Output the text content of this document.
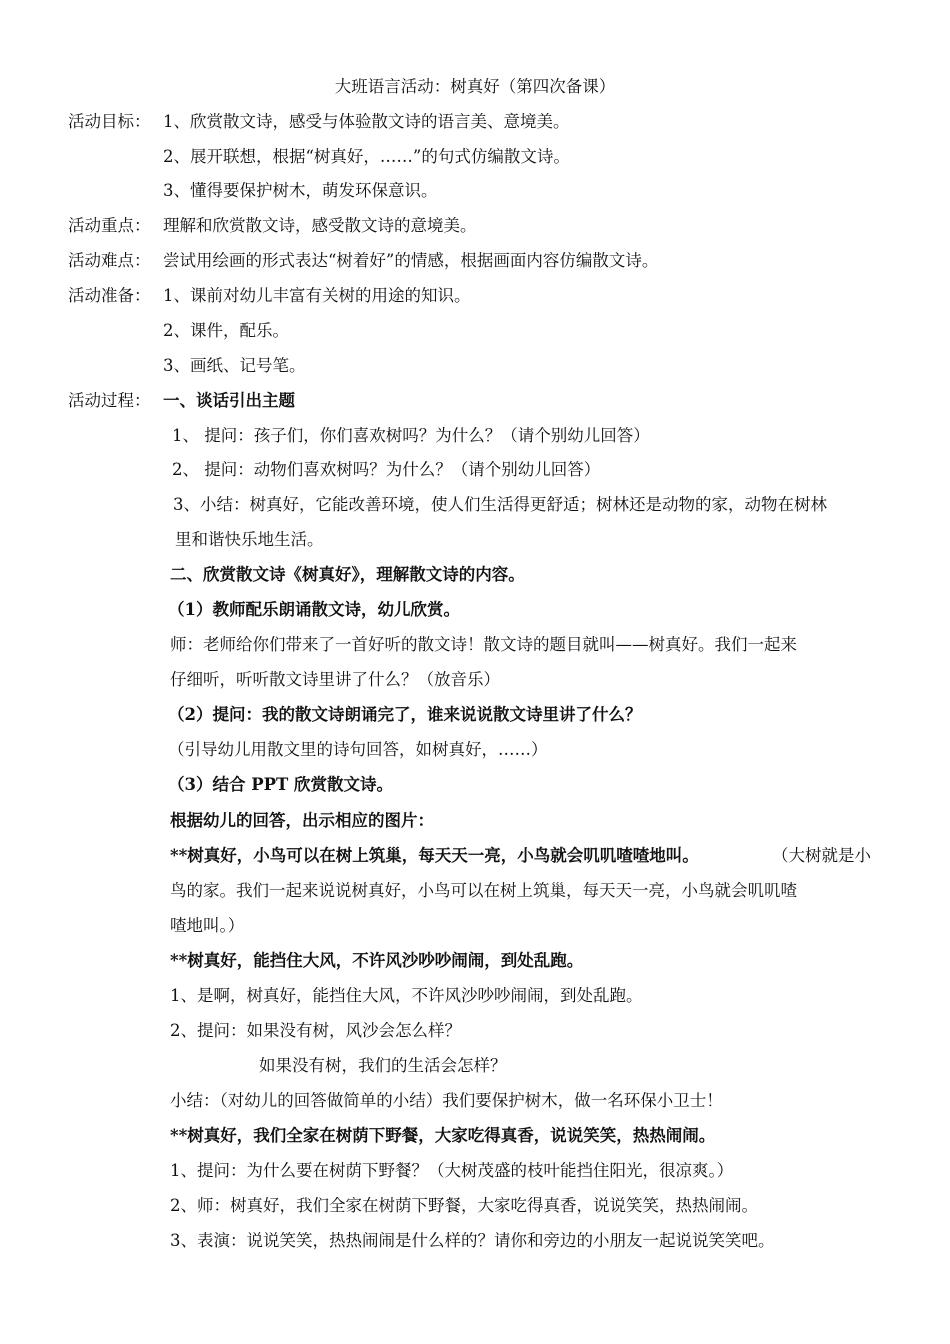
大班语言活动：树真好（第四次备课）
活动目标： 1、欣赏散文诗，感受与体验散文诗的语言美、意境美。
2、展开联想，根据“树真好，……”的句式仿编散文诗。
3、懂得要保护树木，萌发环保意识。
活动重点： 理解和欣赏散文诗，感受散文诗的意境美。
活动难点： 尝试用绘画的形式表达“树着好”的情感，根据画面内容仿编散文诗。
活动准备： 1、课前对幼儿丰富有关树的用途的知识。
2、课件，配乐。
3、画纸、记号笔。
活动过程： 一、谈话引出主题
1、 提问：孩子们，你们喜欢树吗？为什么？（请个别幼儿回答）
2、 提问：动物们喜欢树吗？为什么？（请个别幼儿回答）
3、小结：树真好，它能改善环境，使人们生活得更舒适；树林还是动物的家，动物在树林
里和谐快乐地生活。
二、欣赏散文诗《树真好》，理解散文诗的内容。
（1）教师配乐朗诵散文诗，幼儿欣赏。
师：老师给你们带来了一首好听的散文诗！散文诗的题目就叫——树真好。我们一起来
仔细听，听听散文诗里讲了什么？（放音乐）
（2）提问：我的散文诗朗诵完了，谁来说说散文诗里讲了什么？
（引导幼儿用散文里的诗句回答，如树真好，……）
（3）结合 PPT 欣赏散文诗。
根据幼儿的回答，出示相应的图片：
**树真好，小鸟可以在树上筑巢，每天天一亮，小鸟就会叽叽喳喳地叫。	（大树就是小
鸟的家。我们一起来说说树真好，小鸟可以在树上筑巢，每天天一亮，小鸟就会叽叽喳
喳地叫。）
**树真好，能挡住大风，不许风沙吵吵闹闹，到处乱跑。
1、是啊，树真好，能挡住大风，不许风沙吵吵闹闹，到处乱跑。
2、提问：如果没有树，风沙会怎么样？
如果没有树，我们的生活会怎样？
小结：（对幼儿的回答做简单的小结）我们要保护树木，做一名环保小卫士！
**树真好，我们全家在树荫下野餐，大家吃得真香，说说笑笑，热热闹闹。
1、提问：为什么要在树荫下野餐？（大树茂盛的枝叶能挡住阳光，很凉爽。）
2、师：树真好，我们全家在树荫下野餐，大家吃得真香，说说笑笑，热热闹闹。
3、表演：说说笑笑，热热闹闹是什么样的？请你和旁边的小朋友一起说说笑笑吧。
